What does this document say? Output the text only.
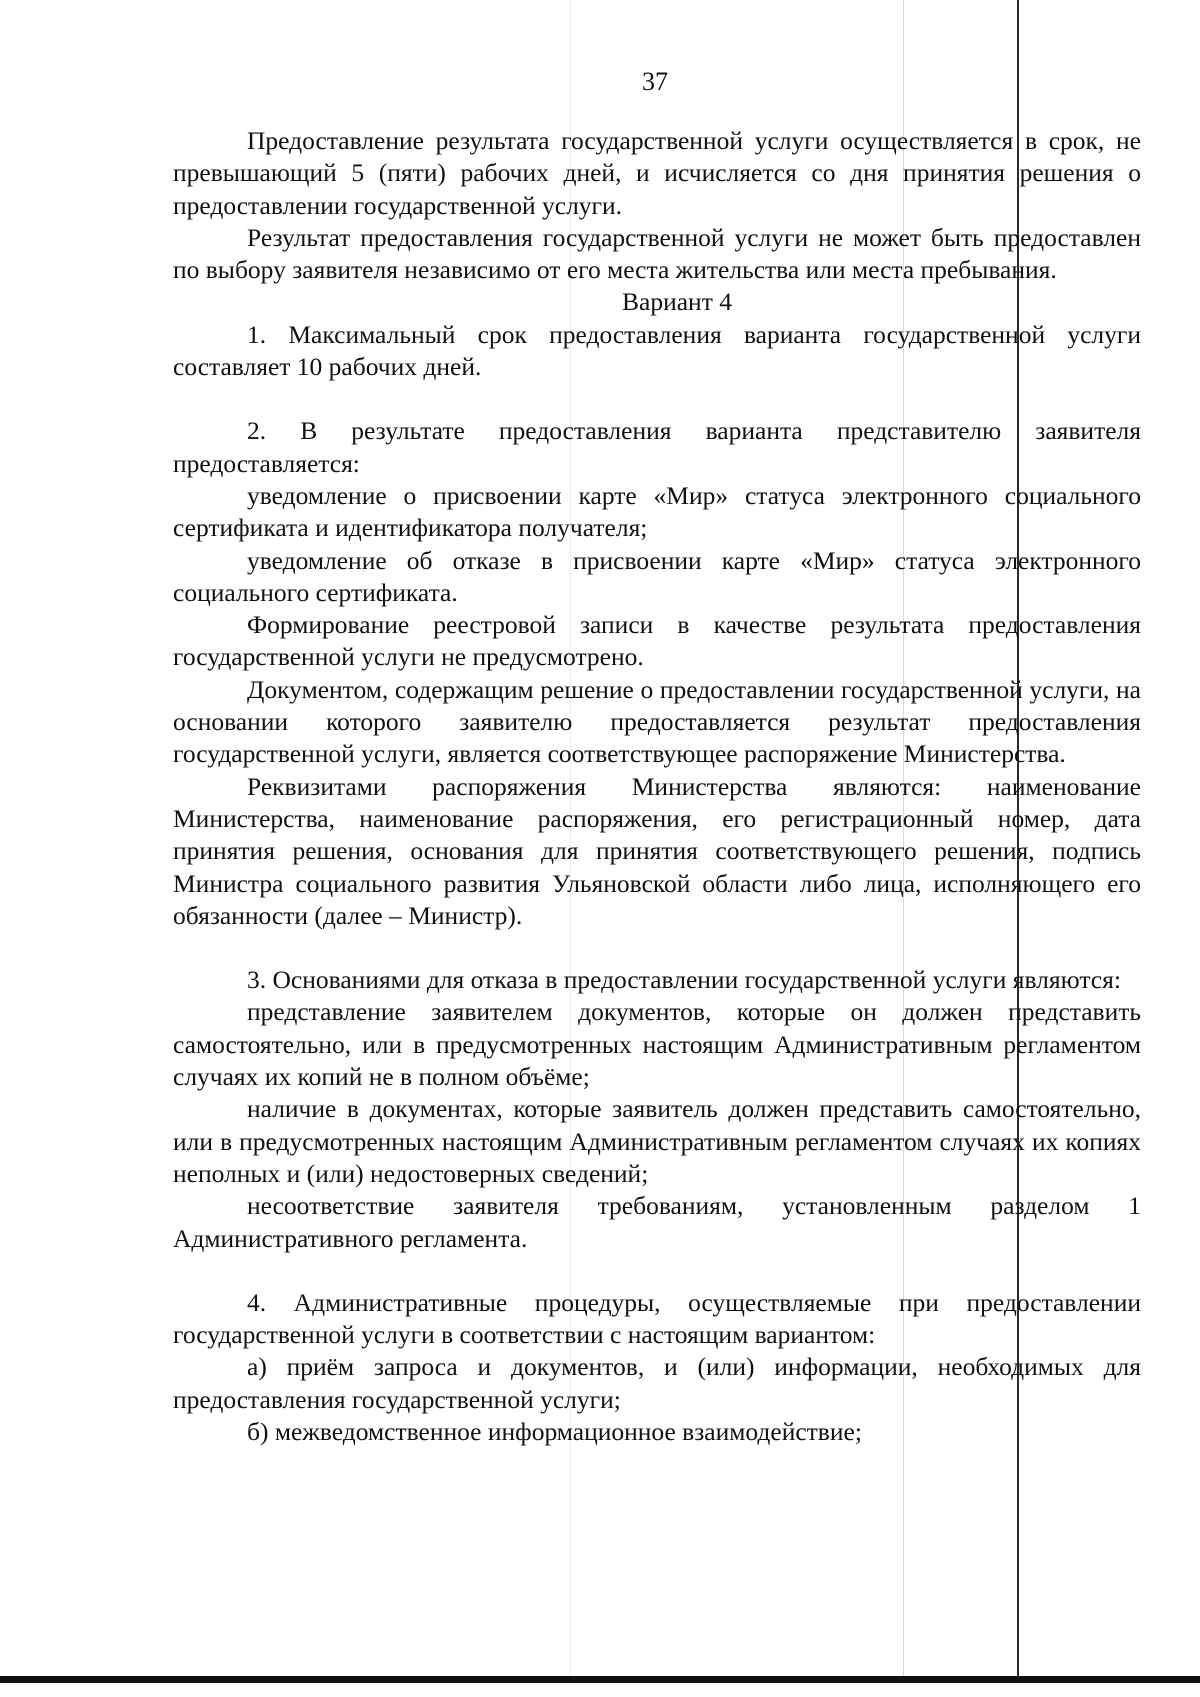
37

Предоставление результата государственной услуги осуществляется в срок, не превышающий 5 (пяти) рабочих дней, и исчисляется со дня принятия решения о предоставлении государственной услуги.

Результат предоставления государственной услуги не может быть предоставлен по выбору заявителя независимо от его места жительства или места пребывания.

Вариант 4

1. Максимальный срок предоставления варианта государственной услуги составляет 10 рабочих дней.

2. В результате предоставления варианта представителю заявителя предоставляется:

уведомление о присвоении карте «Мир» статуса электронного социального сертификата и идентификатора получателя;

уведомление об отказе в присвоении карте «Мир» статуса электронного социального сертификата.

Формирование реестровой записи в качестве результата предоставления государственной услуги не предусмотрено.

Документом, содержащим решение о предоставлении государственной услуги, на основании которого заявителю предоставляется результат предоставления государственной услуги, является соответствующее распоряжение Министерства.

Реквизитами распоряжения Министерства являются: наименование Министерства, наименование распоряжения, его регистрационный номер, дата принятия решения, основания для принятия соответствующего решения, подпись Министра социального развития Ульяновской области либо лица, исполняющего его обязанности (далее – Министр).

3. Основаниями для отказа в предоставлении государственной услуги являются:

представление заявителем документов, которые он должен представить самостоятельно, или в предусмотренных настоящим Административным регламентом случаях их копий не в полном объёме;

наличие в документах, которые заявитель должен представить самостоятельно, или в предусмотренных настоящим Административным регламентом случаях их копиях неполных и (или) недостоверных сведений;

несоответствие заявителя требованиям, установленным разделом 1 Административного регламента.

4. Административные процедуры, осуществляемые при предоставлении государственной услуги в соответствии с настоящим вариантом:

а) приём запроса и документов, и (или) информации, необходимых для предоставления государственной услуги;

б) межведомственное информационное взаимодействие;
